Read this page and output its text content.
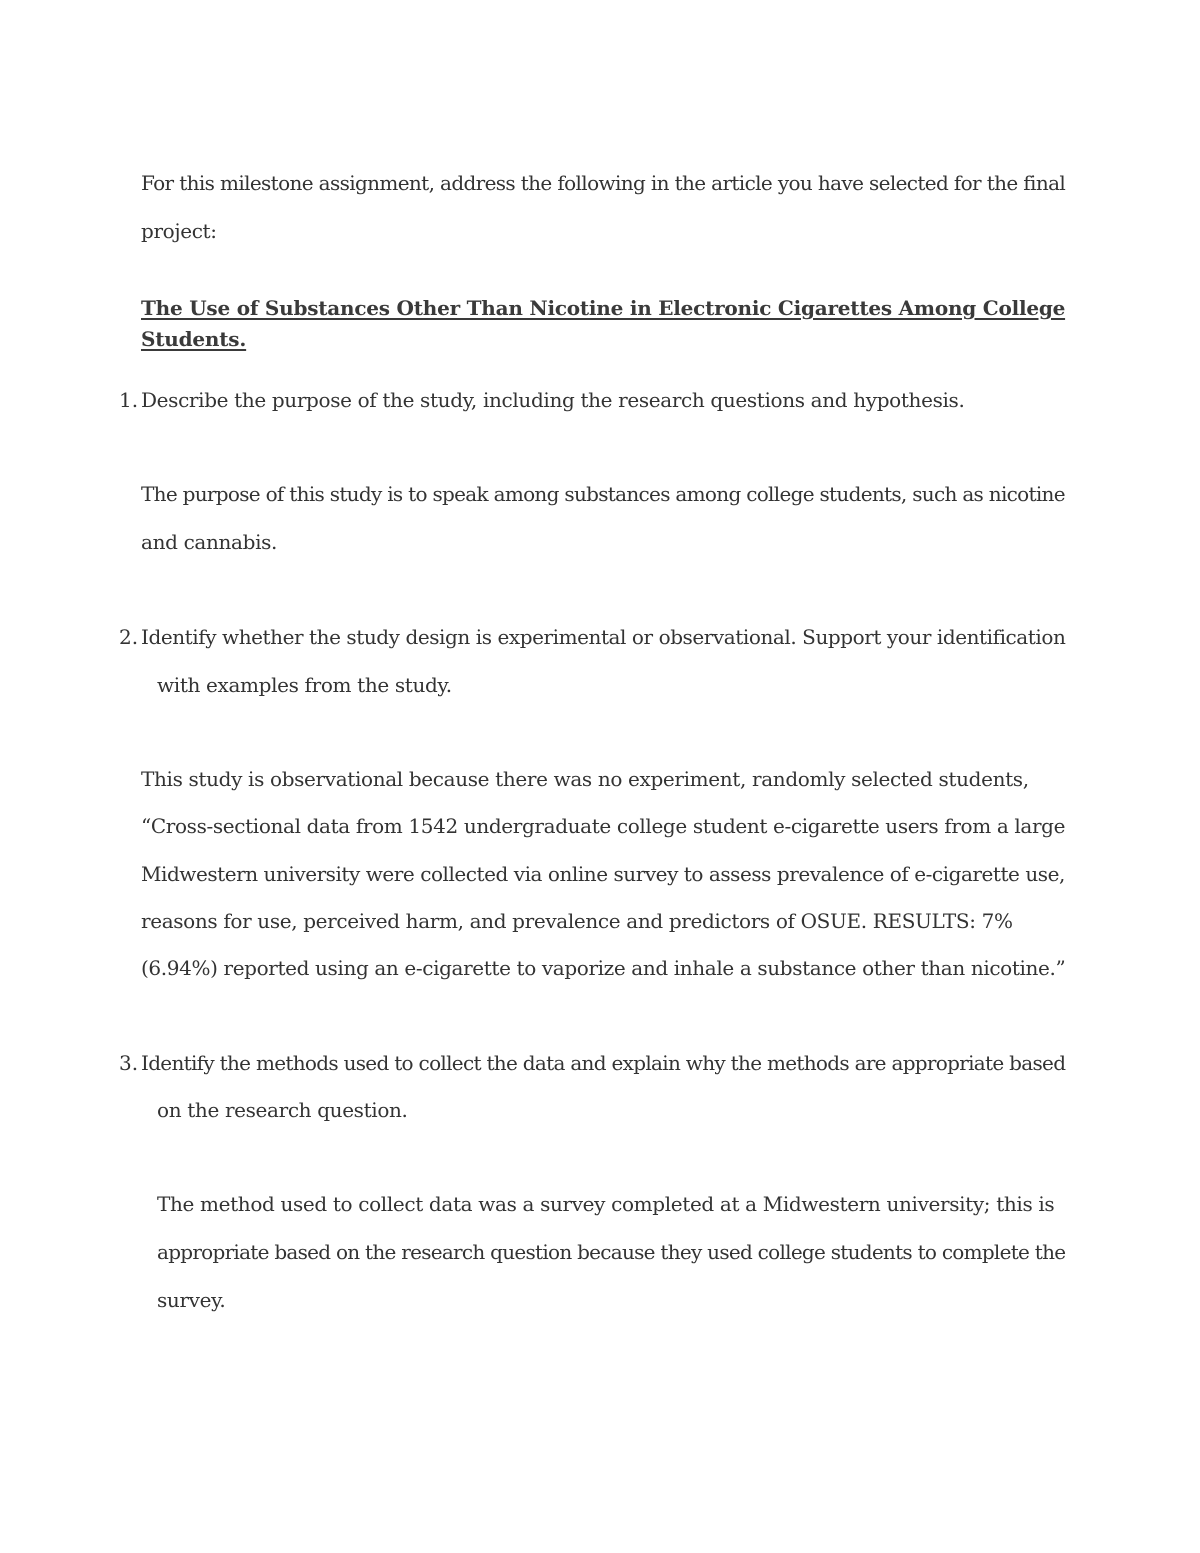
For this milestone assignment, address the following in the article you have selected for the final
project:
The Use of Substances Other Than Nicotine in Electronic Cigarettes Among College
Students.
1. Describe the purpose of the study, including the research questions and hypothesis.
The purpose of this study is to speak among substances among college students, such as nicotine
and cannabis.
2. Identify whether the study design is experimental or observational. Support your identification
with examples from the study.
This study is observational because there was no experiment, randomly selected students,
“Cross-sectional data from 1542 undergraduate college student e-cigarette users from a large
Midwestern university were collected via online survey to assess prevalence of e-cigarette use,
reasons for use, perceived harm, and prevalence and predictors of OSUE. RESULTS: 7%
(6.94%) reported using an e-cigarette to vaporize and inhale a substance other than nicotine.”
3. Identify the methods used to collect the data and explain why the methods are appropriate based
on the research question.
The method used to collect data was a survey completed at a Midwestern university; this is
appropriate based on the research question because they used college students to complete the
survey.
